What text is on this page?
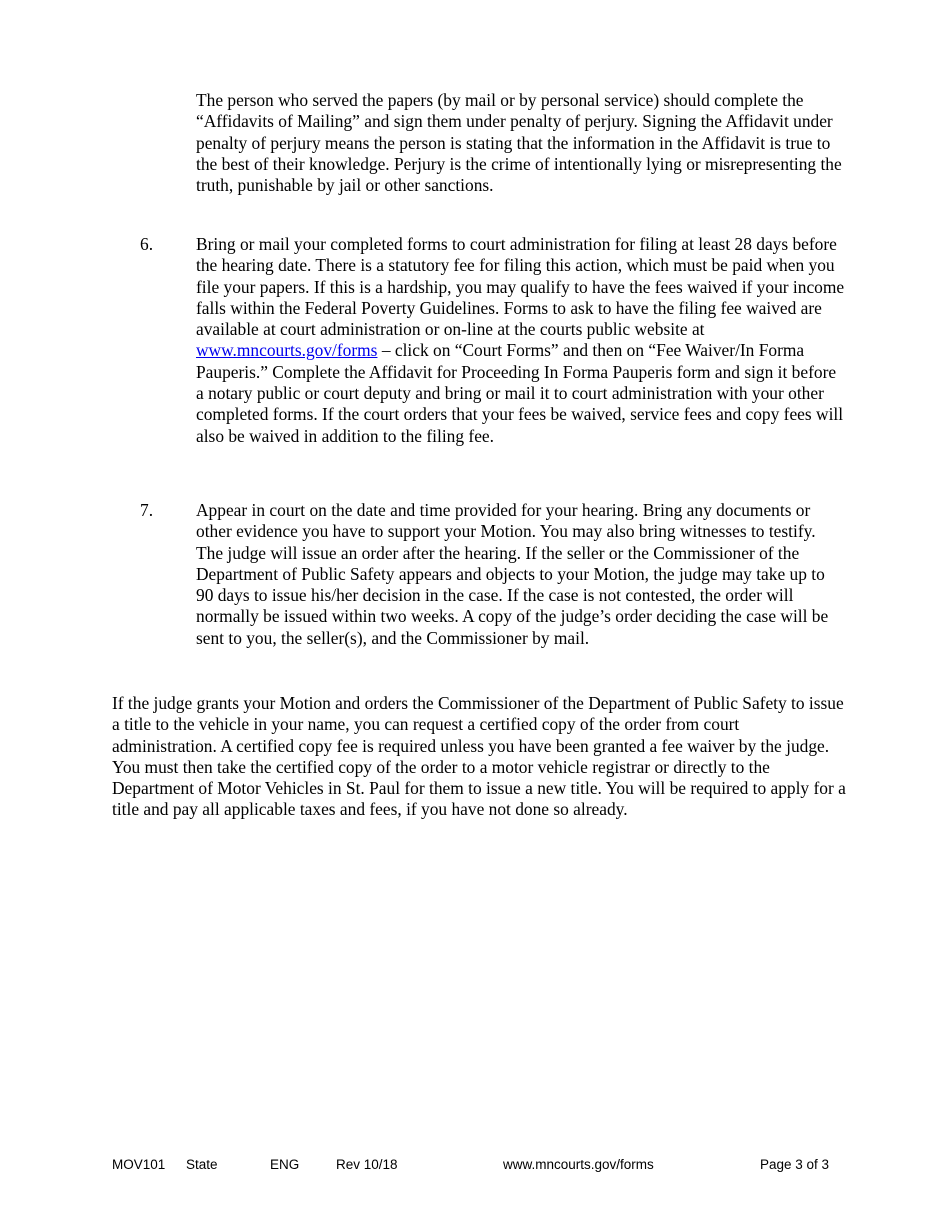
The person who served the papers (by mail or by personal service) should complete the “Affidavits of Mailing” and sign them under penalty of perjury. Signing the Affidavit under penalty of perjury means the person is stating that the information in the Affidavit is true to the best of their knowledge. Perjury is the crime of intentionally lying or misrepresenting the truth, punishable by jail or other sanctions.
6. Bring or mail your completed forms to court administration for filing at least 28 days before the hearing date. There is a statutory fee for filing this action, which must be paid when you file your papers. If this is a hardship, you may qualify to have the fees waived if your income falls within the Federal Poverty Guidelines. Forms to ask to have the filing fee waived are available at court administration or on-line at the courts public website at www.mncourts.gov/forms – click on “Court Forms” and then on “Fee Waiver/In Forma Pauperis.” Complete the Affidavit for Proceeding In Forma Pauperis form and sign it before a notary public or court deputy and bring or mail it to court administration with your other completed forms. If the court orders that your fees be waived, service fees and copy fees will also be waived in addition to the filing fee.
7. Appear in court on the date and time provided for your hearing. Bring any documents or other evidence you have to support your Motion. You may also bring witnesses to testify. The judge will issue an order after the hearing. If the seller or the Commissioner of the Department of Public Safety appears and objects to your Motion, the judge may take up to 90 days to issue his/her decision in the case. If the case is not contested, the order will normally be issued within two weeks. A copy of the judge’s order deciding the case will be sent to you, the seller(s), and the Commissioner by mail.
If the judge grants your Motion and orders the Commissioner of the Department of Public Safety to issue a title to the vehicle in your name, you can request a certified copy of the order from court administration. A certified copy fee is required unless you have been granted a fee waiver by the judge. You must then take the certified copy of the order to a motor vehicle registrar or directly to the Department of Motor Vehicles in St. Paul for them to issue a new title. You will be required to apply for a title and pay all applicable taxes and fees, if you have not done so already.
MOV101 State	ENG	Rev 10/18	www.mncourts.gov/forms	Page 3 of 3
